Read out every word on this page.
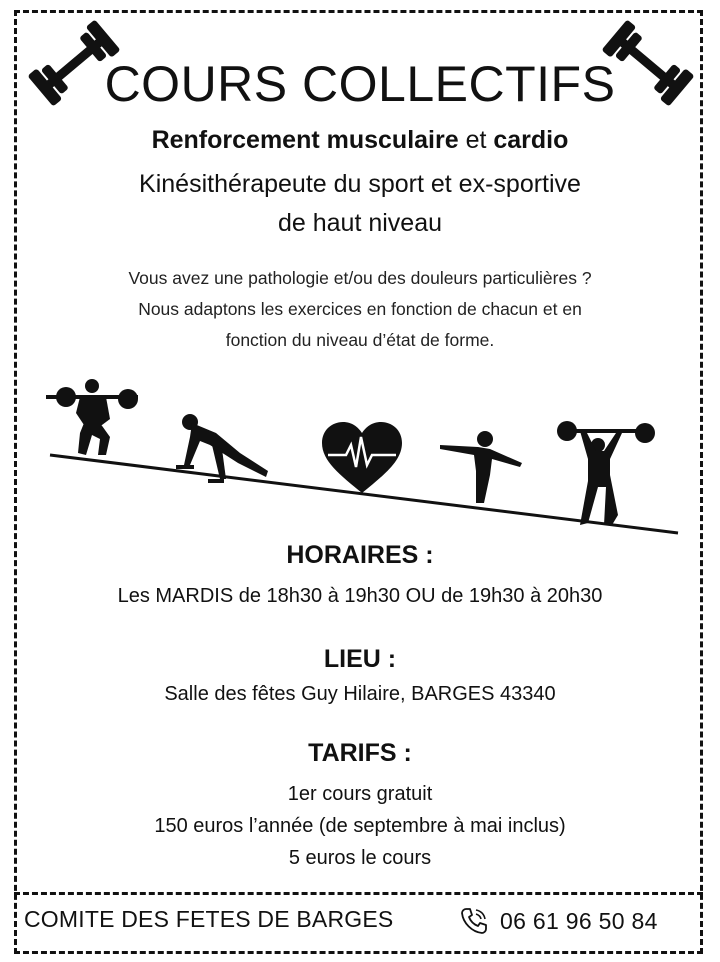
COURS COLLECTIFS
Renforcement musculaire et cardio
Kinésithérapeute du sport et ex-sportive
de haut niveau
Vous avez une pathologie et/ou des douleurs particulières ?
Nous adaptons les exercices en fonction de chacun et en
fonction du niveau d’état de forme.
HORAIRES :
Les MARDIS de 18h30 à 19h30 OU de 19h30 à 20h30
LIEU :
Salle des fêtes Guy Hilaire, BARGES 43340
TARIFS :
1er cours gratuit
150 euros l’année (de septembre à mai inclus)
5 euros le cours
COMITE DES FETES DE BARGES	06 61 96 50 84
